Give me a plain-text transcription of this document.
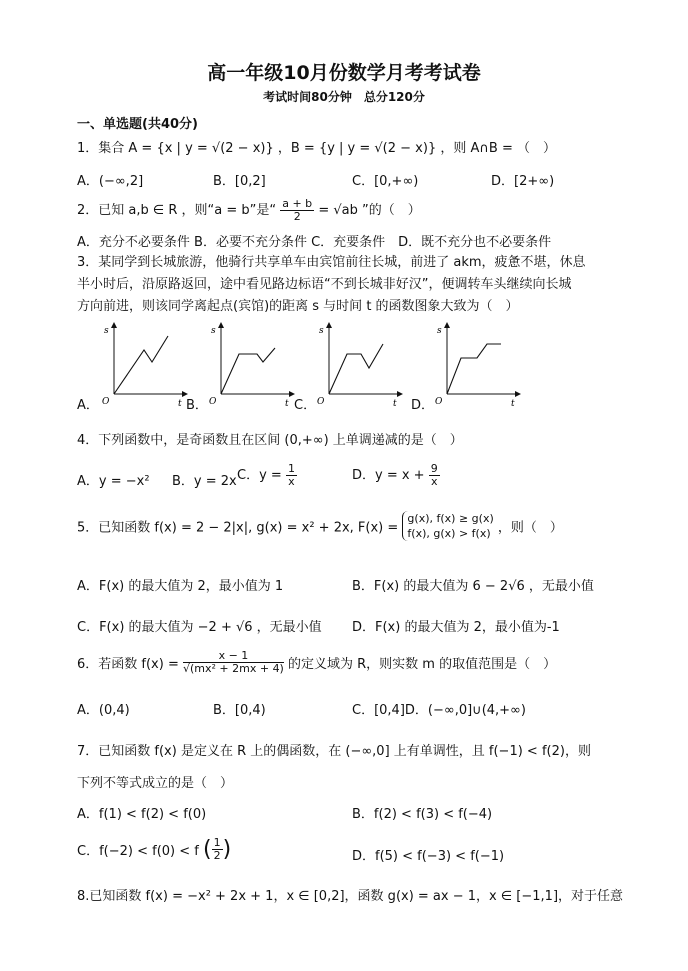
高一年级10月份数学月考考试卷
考试时间80分钟　总分120分
一、单选题(共40分)
1．集合 A = {x | y = √(2 − x)} ，B = {y | y = √(2 − x)} ，则 A∩B = （　）
A．(−∞,2]	B．[0,2]	C．[0,+∞)	D．[2+∞)
2．已知 a,b ∈ R ，则“a = b”是“ $\frac{a + b}{2} = √ab$ ”的（　）
A．充分不必要条件 B．必要不充分条件 C．充要条件　D．既不充分也不必要条件
3．某同学到长城旅游，他骑行共享单车由宾馆前往长城，前进了 akm，疲惫不堪，休息
半小时后，沿原路返回，途中看见路边标语“不到长城非好汉”，便调转车头继续向长城
方向前进，则该同学离起点(宾馆)的距离 s 与时间 t 的函数图象大致为（　）
A．
s
O	t B．
s
O	t C．
s
O	t D．
s
O	t
4．下列函数中，是奇函数且在区间 (0,+∞) 上单调递减的是（　）
A．y = −x² B．y = 2x C．$y = \frac{1}{x}$	D．$y = x + \frac{9}{x}$
5．已知函数 f(x) = 2 − 2|x|, g(x) = x² + 2x, F(x) =
g(x), f(x) ≥ g(x)
f(x), g(x) > f(x) ，则（　）
A．F(x) 的最大值为 2，最小值为 1	B．F(x) 的最大值为 6 − 2√6 ，无最小值
C．F(x) 的最大值为 −2 + √6 ，无最小值 D．F(x) 的最大值为 2，最小值为-1
6．若函数 $f(x) = \frac{x - 1}{\text{√(mx² + 2mx + 4)}}$ 的定义域为 R，则实数 m 的取值范围是（　）
A．(0,4)	B．[0,4)	C．[0,4]D．(−∞,0]∪(4,+∞)
7．已知函数 f(x) 是定义在 R 上的偶函数，在 (−∞,0] 上有单调性，且 f(−1) < f(2)，则
下列不等式成立的是（　）
A．f(1) < f(2) < f(0)	B．f(2) < f(3) < f(−4)
C．f(−2) < f(0) < f ( $\frac{1}{2}$ )	D．f(5) < f(−3) < f(−1)
8.已知函数 f(x) = −x² + 2x + 1，x ∈ [0,2]，函数 g(x) = ax − 1，x ∈ [−1,1]，对于任意
